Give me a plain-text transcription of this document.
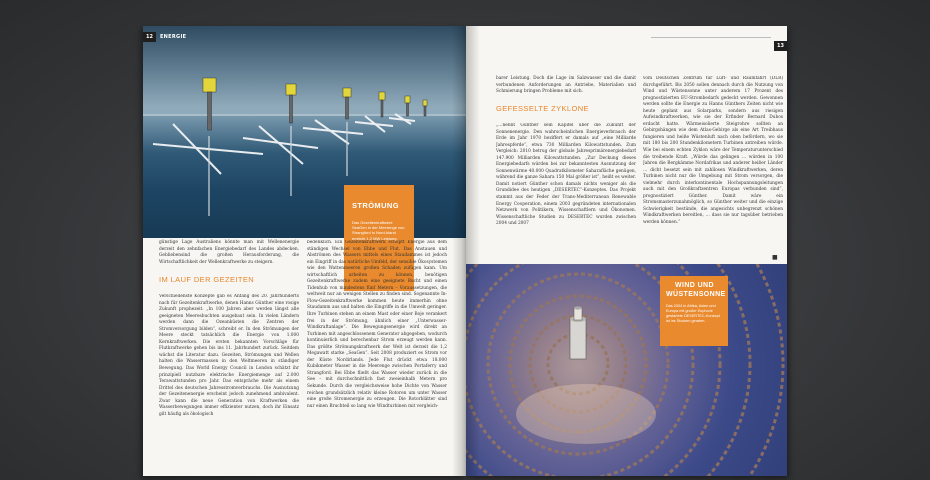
12	ENERGIE
STRÖMUNG
Das Gezeitenkraftwerk SeaGen in der Meerenge von Strangford in Nord-irland erreicht 1,2 MW Leistung.

günstige Lage Australiens könnte man mit Wellenenergie derzeit den zehnfachen Energiebedarf des Landes abdecken. Gebliebensind die großen Herausforderung, die Wirtschaftlichkeit der Wellenkraftwerke zu steigern.

IM LAUF DER GEZEITEN

Verschiedenste Konzepte gab es Anfang des 20. Jahrhunderts nach für Gezeitenkraftwerke, denen Hanns Günther eine rosige Zukunft prophezeit. „In 100 Jahren aber werden längst alle geeigneten Meeresbuchten ausgebaut sein. In vielen Ländern werden dann die Ozeanküsten die Zentren der Stromversorgung bilden“, schreibt er. In den Strömungen der Meere steckt tatsächlich die Energie von 1.000 Kernkraftwerken. Die ersten bekannten Vorschläge für Flutkraftwerke gehen bis ins 11. Jahrhundert zurück. Seitdem wächst die Literatur dazu. Gezeiten, Strömungen und Wellen halten die Wassermassen in den Weltmeeren in ständiger Bewegung. Das World Energy Council in London schätzt ihr prinzipiell nutzbare elektrische Energiemenge auf 2.000 Terawattstunden pro Jahr. Das entspräche mehr als einem Drittel des deutschen Jahresstromverbrauchs. Die Ausnutzung der Gezeitenenergie erscheint jedoch zunehmend ambivalent. Zwar kann die neue Generation von Kraftwerken die Wasserbewegungen immer effizienter nutzen, doch ihr Einsatz gilt häufig als ökologisch

bedenklich. Ein Gezeitenkraftwerk schöpft Energie aus dem ständigen Wechsel von Ebbe und Flut. Das Anstauen und Abströmen des Wassers mittels eines Staudammes ist jedoch ein Eingriff in das natürliche Umfeld, der sensible Ökosystemen wie den Wattenmeeren großen Schaden zufügen kann. Um wirtschaftlich arbeiten zu können, benötigen Gezeitenkraftwerke zudem eine geeignete Bucht und einen Tidenhub von mindestens fünf Metern – Voraussetzungen, die weltweit nur an wenigen Stellen zu finden sind. Sogenannte In-Flow-Gezeitenkraftwerke kommen heute immerhin ohne Staudamm aus und halten die Eingriffe in die Umwelt geringer. Ihre Turbinen stehen an einem Mast oder einer Boje verankert frei in der Strömung, ähnlich einer „Unterwasser-Windkraftanlage“. Die Bewegungsenergie wird direkt an Turbinen mit angeschlossenem Generator abgegeben, wodurch kontinuierlich und berechenbar Strom erzeugt werden kann. Das größte Strömungskraftwerk der Welt ist derzeit die 1,2 Megawatt starke „SeaGen“. Seit 2008 produziert es Strom vor der Küste Nordirlands. Jede Flut drückt etwa 18.000 Kubikmeter Wasser in die Meerenge zwischen Portaferry und Strangford. Bei Ebbe fließt das Wasser wieder zurück in die See – mit durchschnittlich fast zweieinhalb Metern pro Sekunde. Durch die vergleichsweise hohe Dichte von Wasser reichen grundsätzlich relativ kleine Rotoren um unter Wasser eine große Stromenergie zu erzeugen. Die Rotorblätter sind nur einen Bruchteil so lang wie Windturbinen mit vergleich-

13

barer Leistung. Doch die Lage im Salzwasser und die damit verbundenen Anforderungen an Antriebe, Materialien und Schmierung bringen Probleme mit sich.

GEFESSELTE ZYKLONE

„…nennt Günther sein Kapitel über die Zukunft der Sonnenenergie. Den wahrscheinlichen Energieverbrauch der Erde im Jahr 1970 beziffert er damals auf „eine Milliarde Jahrespferde“, etwa 730 Milliarden Kilowattstunden. Zum Vergleich: 2010 betrug der globale Jahresprimärenergiebedarf 147.900 Milliarden Kilowattstunden. „Zur Deckung dieses Energiebedarfs würden bei zur bekanntesten Ausnutzung der Sonnenwärme 40.000 Quadratkilometer Saharafläche genügen, während die ganze Sahara 150 Mal größer ist“, heißt es weiter. Damit notiert Günther schon damals nichts weniger als die Grundidee des heutigen „DESERTEC“-Konzeptes. Das Projekt stammt aus der Feder der Trans-Mediterranean Renewable Energy Cooperation, einem 2003 gegründeten internationalen Netzwerk von Politikern, Wissenschaftlern und Ökonomen. Wissenschaftliche Studien zu DESERTEC wurden zwischen 2004 und 2007

vom Deutschen Zentrum für Luft- und Raumfahrt (DLR) durchgeführt. Bis 2050 sollen dennach durch die Nutzung von Wind und Wüstensonne unter anderem 17 Prozent des prognostizierten EU-Strombedarfs gedeckt werden. Gewonnen werden sollte die Energie zu Hanns Günthers Zeiten nicht wie heute geplant aus Solarparks, sondern aus riesigen Aufwindkraftwerken, wie sie der Erfinder Bernard Dubos erdacht hatte. Wärmeisolierte Steigrohre sollten an Gebirgshängen wie dem Atlas-Gebirge als eine Art Treibhaus fungieren und heiße Wüstenluft nach oben befördern, wo sie mit 180 bis 200 Stundenkilometern Turbinen antreiben würde. Wie bei einem echten Zyklon wäre der Temperaturunterschied die treibende Kraft. „Würde das gelingen … würden in 100 Jahren die Bergkämme Nordafrikas und anderer heißer Länder … dicht besetzt sein mit zahllosen Windkraftwerken, deren Turbinen nicht nur die Umgebung mit Strom versorgen, die vielmehr durch interkontinentale Hochspannungsleitungen auch mit den Großkraftzentren Europas verbunden sind“, prognostiziert Günther. Damit wäre ein Stromsmasterzunahmöglich, so Günther weiter und die einzige Schwierigkeit bestünde, die angesichts unbegrenzt schönen Windkraftwerken bereitlen, … dass sie nur tagsüber betrieben werden können.“

■
WIND UND
WÜSTENSONNE
Das 2004 in Afrika, Asien und Europa mit großer Euphorie gestartete DESERTEC-Konzept ist ins Stocken geraten.
